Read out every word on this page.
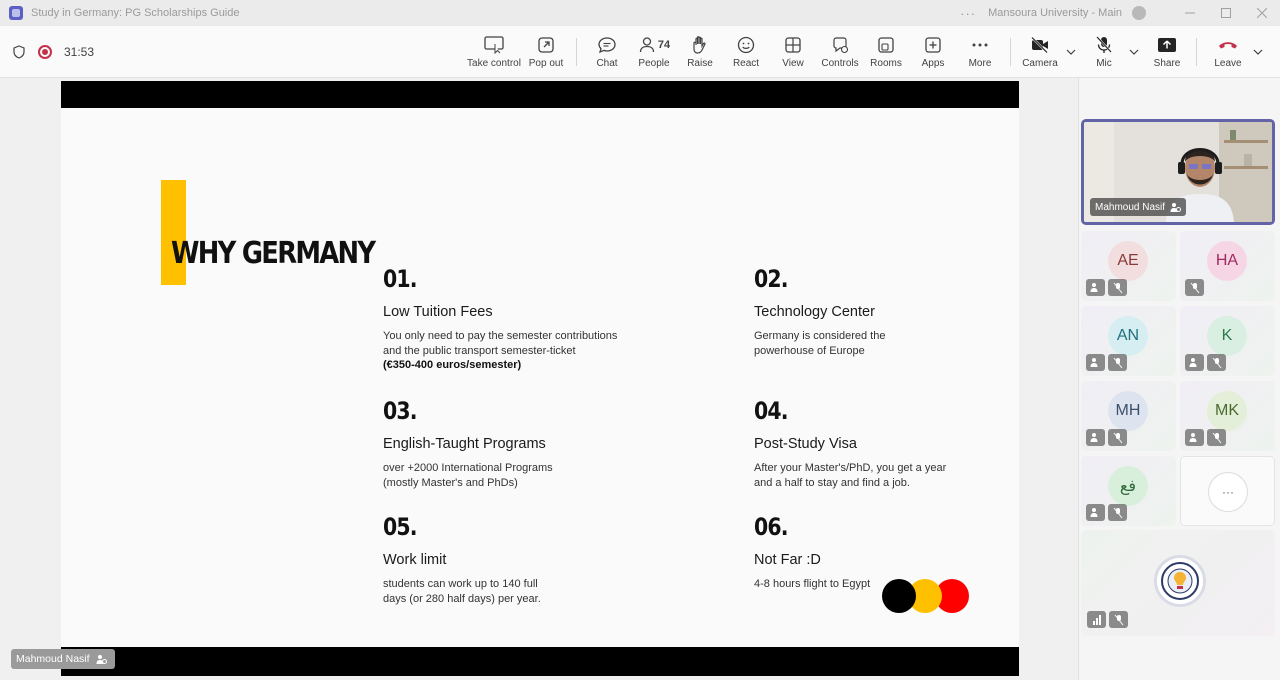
Study in Germany: PG Scholarships Guide	··· Mansoura University - Main
31:53
Take control Pop out	Chat
74
People Raise React View Controls Rooms Apps More	Camera	Mic	Share	Leave
WHY GERMANY
01.
Low Tuition Fees
You only need to pay the semester contributions and the public transport semester-ticket
(€350-400 euros/semester)
02.
Technology Center
Germany is considered the powerhouse of Europe
03.
English-Taught Programs
over +2000 International Programs (mostly Master's and PhDs)
04.
Post-Study Visa
After your Master's/PhD, you get a year and a half to stay and find a job.
05.
Work limit
students can work up to 140 full days (or 280 half days) per year.
06.
Not Far :D
4-8 hours flight to Egypt
Mahmoud Nasif
Mahmoud Nasif
AE	HA
AN	K
MH	MK
فع	···
